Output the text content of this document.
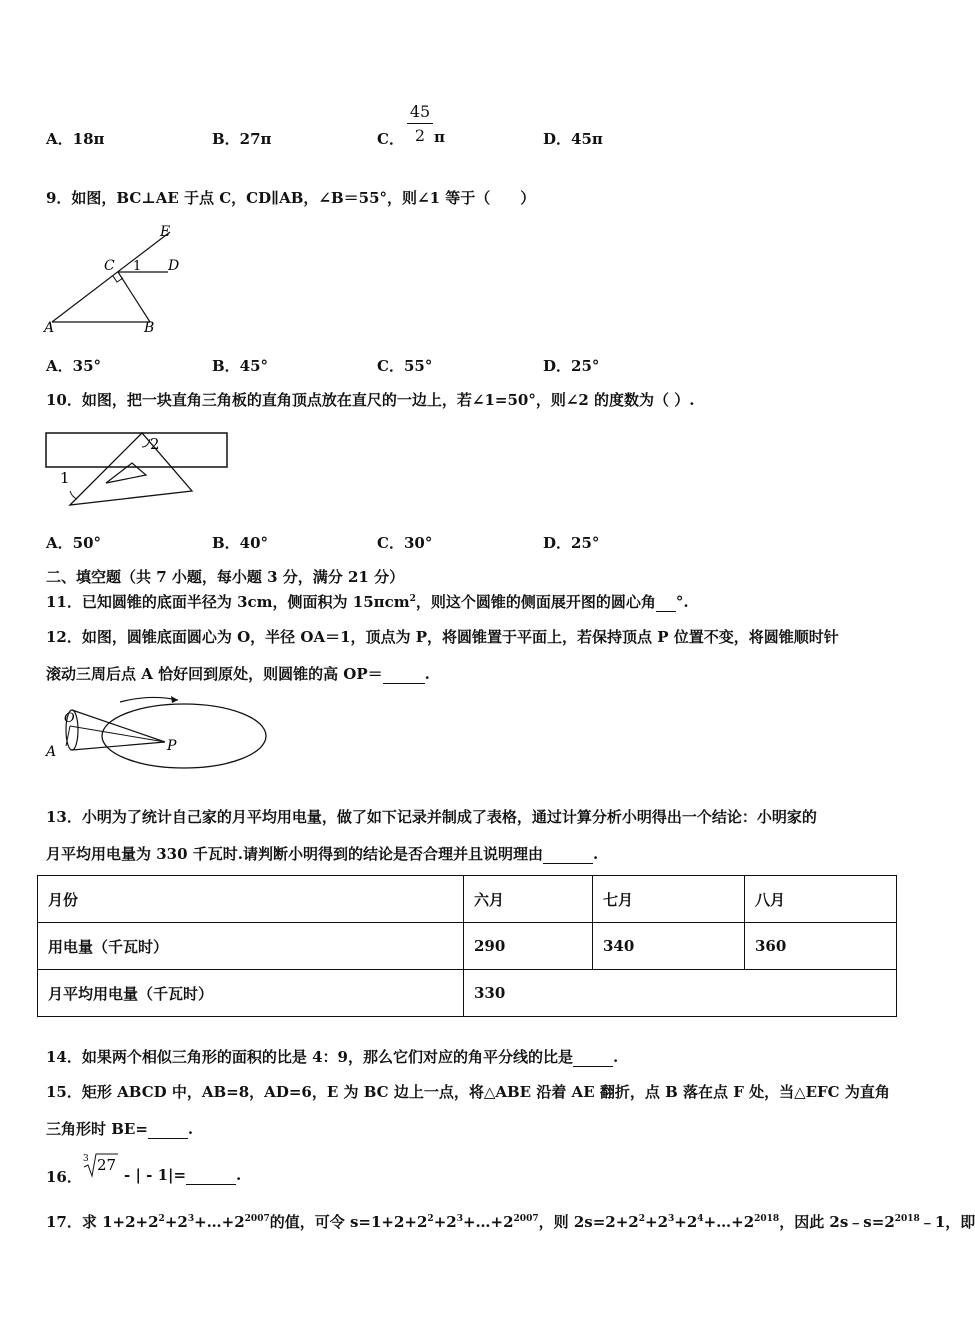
A．18π	B．27π	C．
45
2 π	D．45π
9．如图，BC⊥AE 于点 C，CD∥AB，∠B＝55°，则∠1 等于（　　）
E
C 1 D
A	B
A．35°	B．45°	C．55°	D．25°
10．如图，把一块直角三角板的直角顶点放在直尺的一边上，若∠1=50°，则∠2 的度数为（ ）.
2
1
A．50°	B．40°	C．30°	D．25°
二、填空题（共 7 小题，每小题 3 分，满分 21 分）
11．已知圆锥的底面半径为 3cm，侧面积为 15πcm$^2$，则这个圆锥的侧面展开图的圆心角 °.
12．如图，圆锥底面圆心为 O，半径 OA＝1，顶点为 P，将圆锥置于平面上，若保持顶点 P 位置不变，将圆锥顺时针
滚动三周后点 A 恰好回到原处，则圆锥的高 OP＝	.
O
A	P
13．小明为了统计自己家的月平均用电量，做了如下记录并制成了表格，通过计算分析小明得出一个结论：小明家的
月平均用电量为 330 千瓦时.请判断小明得到的结论是否合理并且说明理由	.
月份	六月	七月	八月
用电量（千瓦时）	290	340	360
月平均用电量（千瓦时）	330		
14．如果两个相似三角形的面积的比是 4：9，那么它们对应的角平分线的比是	.
15．矩形 ABCD 中，AB=8，AD=6，E 为 BC 边上一点，将△ABE 沿着 AE 翻折，点 B 落在点 F 处，当△EFC 为直角
三角形时 BE=	.
16．
3 27
- | - 1|=	.
17．求 $1+2+2^2+2^3+\dots+2^{2007}$的值，可令 $s=1+2+2^2+2^3+\dots+2^{2007}$，则 $2s=2+2^2+2^3+2^4+\dots+2^{2018}$，因此 $2s﹣s=2^{2018}﹣1$，即
